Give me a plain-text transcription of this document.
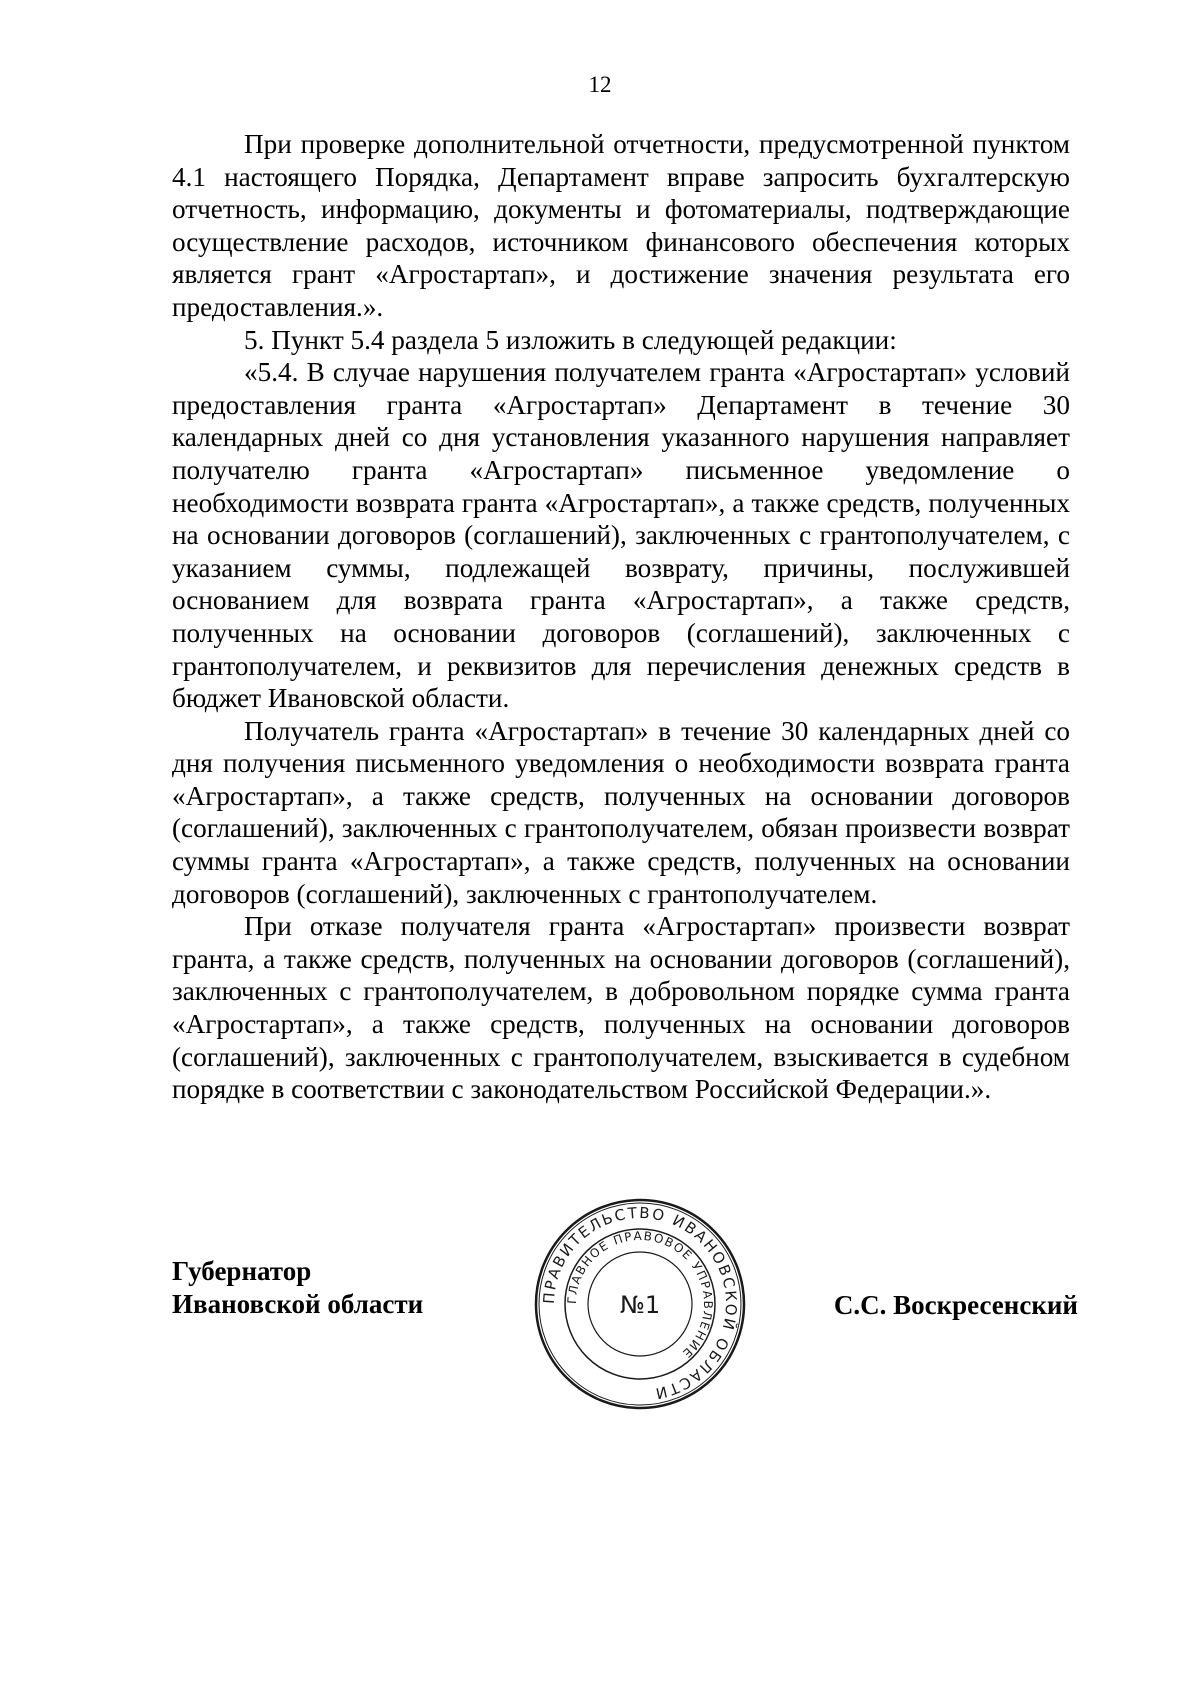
12

При проверке дополнительной отчетности, предусмотренной пунктом 4.1 настоящего Порядка, Департамент вправе запросить бухгалтерскую отчетность, информацию, документы и фотоматериалы, подтверждающие осуществление расходов, источником финансового обеспечения которых является грант «Агростартап», и достижение значения результата его предоставления.».

5. Пункт 5.4 раздела 5 изложить в следующей редакции:

«5.4. В случае нарушения получателем гранта «Агростартап» условий предоставления гранта «Агростартап» Департамент в течение 30 календарных дней со дня установления указанного нарушения направляет получателю гранта «Агростартап» письменное уведомление о необходимости возврата гранта «Агростартап», а также средств, полученных на основании договоров (соглашений), заключенных с грантополучателем, с указанием суммы, подлежащей возврату, причины, послужившей основанием для возврата гранта «Агростартап», а также средств, полученных на основании договоров (соглашений), заключенных с грантополучателем, и реквизитов для перечисления денежных средств в бюджет Ивановской области.

Получатель гранта «Агростартап» в течение 30 календарных дней со дня получения письменного уведомления о необходимости возврата гранта «Агростартап», а также средств, полученных на основании договоров (соглашений), заключенных с грантополучателем, обязан произвести возврат суммы гранта «Агростартап», а также средств, полученных на основании договоров (соглашений), заключенных с грантополучателем.

При отказе получателя гранта «Агростартап» произвести возврат гранта, а также средств, полученных на основании договоров (соглашений), заключенных с грантополучателем, в добровольном порядке сумма гранта «Агростартап», а также средств, полученных на основании договоров (соглашений), заключенных с грантополучателем, взыскивается в судебном порядке в соответствии с законодательством Российской Федерации.».

Губернатор
Ивановской области	С.С. Воскресенский
ПРАВИТЕЛЬСТВО ИВАНОВСКОЙ ОБЛАСТИ
ГЛАВНОЕ ПРАВОВОЕ УПРАВЛЕНИЕ
№1
